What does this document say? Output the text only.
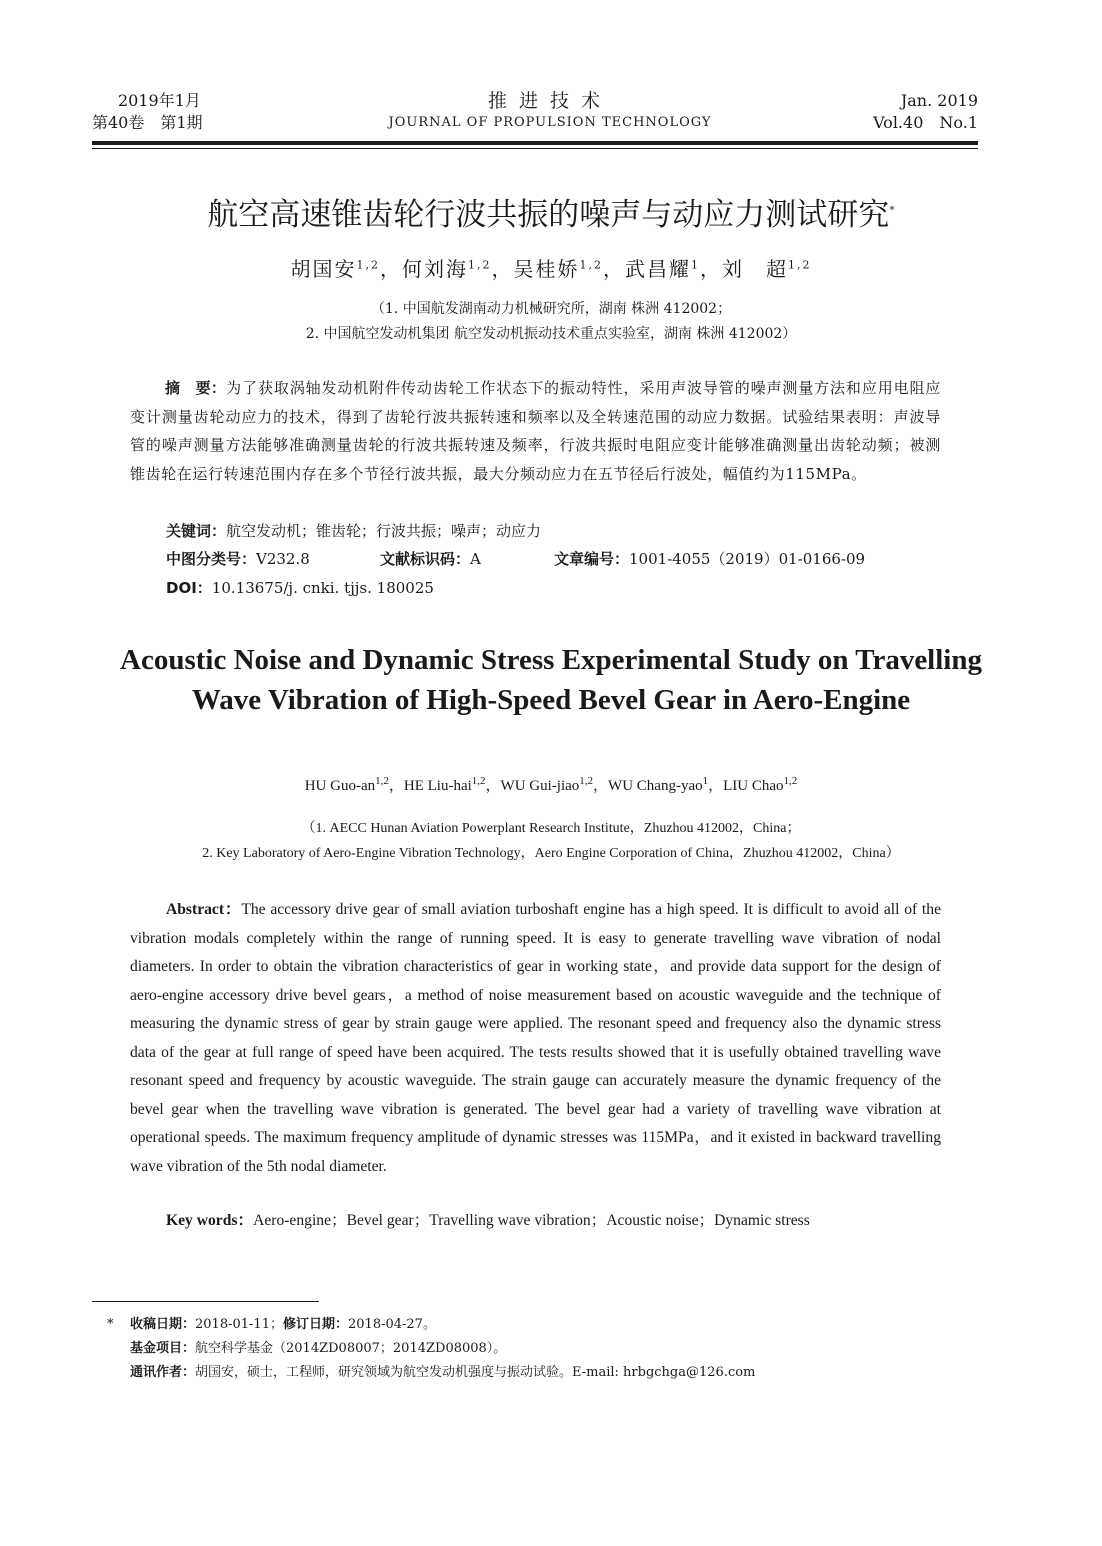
2019年1月
第40卷　第1期
推进技术
JOURNAL OF PROPULSION TECHNOLOGY
Jan. 2019
Vol.40　No.1
航空高速锥齿轮行波共振的噪声与动应力测试研究*
胡国安$^{1,2}$，何刘海$^{1,2}$，吴桂娇$^{1,2}$，武昌耀$^1$，刘　超$^{1,2}$
（1. 中国航发湖南动力机械研究所，湖南 株洲 412002；
2. 中国航空发动机集团 航空发动机振动技术重点实验室，湖南 株洲 412002）
摘　要：为了获取涡轴发动机附件传动齿轮工作状态下的振动特性，采用声波导管的噪声测量方法和应用电阻应变计测量齿轮动应力的技术，得到了齿轮行波共振转速和频率以及全转速范围的动应力数据。试验结果表明：声波导管的噪声测量方法能够准确测量齿轮的行波共振转速及频率，行波共振时电阻应变计能够准确测量出齿轮动频；被测锥齿轮在运行转速范围内存在多个节径行波共振，最大分频动应力在五节径后行波处，幅值约为115MPa。
关键词：航空发动机；锥齿轮；行波共振；噪声；动应力
中图分类号：V232.8	文献标识码：A	文章编号：1001-4055（2019）01-0166-09
DOI：10.13675/j. cnki. tjjs. 180025
Acoustic Noise and Dynamic Stress Experimental Study on Travelling Wave Vibration of High-Speed Bevel Gear in Aero-Engine
HU Guo-an$^{1,2}$，HE Liu-hai$^{1,2}$，WU Gui-jiao$^{1,2}$，WU Chang-yao$^1$，LIU Chao$^{1,2}$
（1. AECC Hunan Aviation Powerplant Research Institute，Zhuzhou 412002，China；
2. Key Laboratory of Aero-Engine Vibration Technology，Aero Engine Corporation of China，Zhuzhou 412002，China）
Abstract：The accessory drive gear of small aviation turboshaft engine has a high speed. It is difficult to avoid all of the vibration modals completely within the range of running speed. It is easy to generate travelling wave vibration of nodal diameters. In order to obtain the vibration characteristics of gear in working state，and provide data support for the design of aero-engine accessory drive bevel gears，a method of noise measurement based on acoustic waveguide and the technique of measuring the dynamic stress of gear by strain gauge were applied. The resonant speed and frequency also the dynamic stress data of the gear at full range of speed have been acquired. The tests results showed that it is usefully obtained travelling wave resonant speed and frequency by acoustic waveguide. The strain gauge can accurately measure the dynamic frequency of the bevel gear when the travelling wave vibration is generated. The bevel gear had a variety of travelling wave vibration at operational speeds. The maximum frequency amplitude of dynamic stresses was 115MPa，and it existed in backward travelling wave vibration of the 5th nodal diameter.
Key words：Aero-engine；Bevel gear；Travelling wave vibration；Acoustic noise；Dynamic stress
* 收稿日期：2018-01-11；修订日期：2018-04-27。
基金项目：航空科学基金（2014ZD08007；2014ZD08008）。
通讯作者：胡国安，硕士，工程师，研究领域为航空发动机强度与振动试验。E-mail: hrbgchga@126.com
